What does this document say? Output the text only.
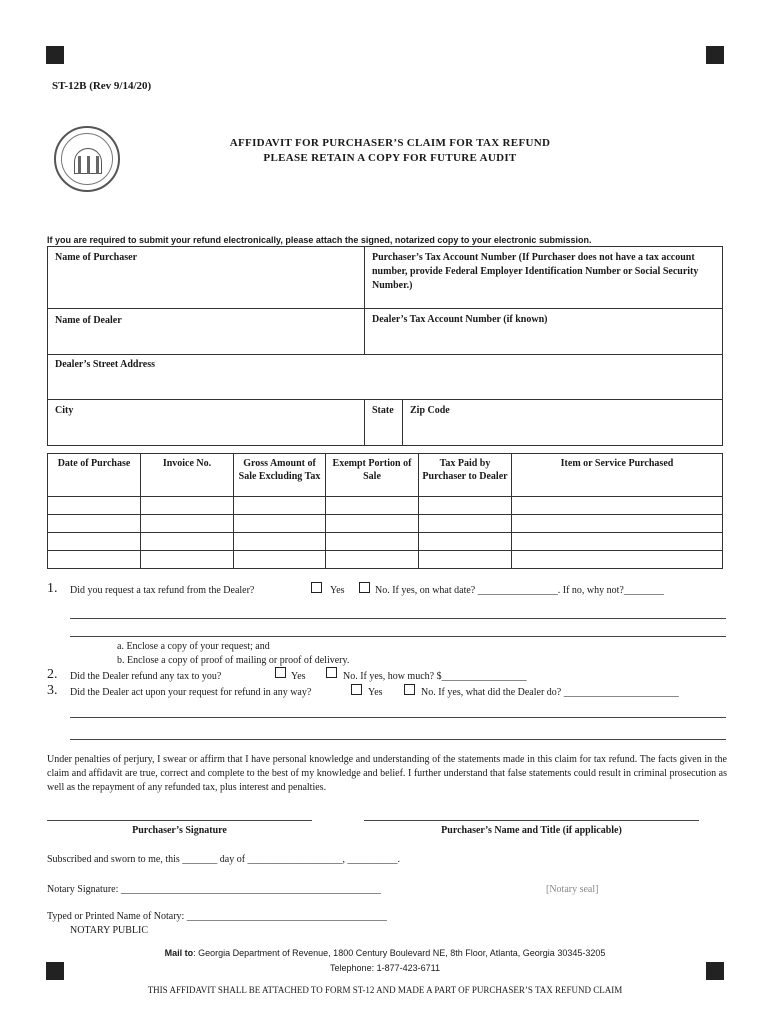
ST-12B (Rev 9/14/20)
AFFIDAVIT FOR PURCHASER’S CLAIM FOR TAX REFUND
PLEASE RETAIN A COPY FOR FUTURE AUDIT
If you are required to submit your refund electronically, please attach the signed, notarized copy to your electronic submission.
Name of Purchaser	Purchaser’s Tax Account Number (If Purchaser does not have a tax account number, provide Federal Employer Identification Number or Social Security Number.)
Name of Dealer	Dealer’s Tax Account Number (if known)
Dealer’s Street Address
City	State Zip Code
Date of Purchase	Invoice No.	Gross Amount of Sale Excluding Tax	Exempt Portion of Sale	Tax Paid by Purchaser to Dealer	Item or Service Purchased

1. Did you request a tax refund from the Dealer?	Yes	No. If yes, on what date? ________________. If no, why not?________
a. Enclose a copy of your request; and
b. Enclose a copy of proof of mailing or proof of delivery.
2. Did the Dealer refund any tax to you?	Yes	No. If yes, how much? $_________________
3. Did the Dealer act upon your request for refund in any way?	Yes	No. If yes, what did the Dealer do? _______________________
Under penalties of perjury, I swear or affirm that I have personal knowledge and understanding of the statements made in this claim for tax refund. The facts given in the claim and affidavit are true, correct and complete to the best of my knowledge and belief. I further understand that false statements could result in criminal prosecution as well as the repayment of any refunded tax, plus interest and penalties.
Purchaser’s Signature	Purchaser’s Name and Title (if applicable)
Subscribed and sworn to me, this _______ day of ___________________, __________.
Notary Signature: ____________________________________________________	[Notary seal]
Typed or Printed Name of Notary: ________________________________________
NOTARY PUBLIC
Mail to: Georgia Department of Revenue, 1800 Century Boulevard NE, 8th Floor, Atlanta, Georgia 30345-3205
Telephone: 1-877-423-6711
THIS AFFIDAVIT SHALL BE ATTACHED TO FORM ST-12 AND MADE A PART OF PURCHASER’S TAX REFUND CLAIM
